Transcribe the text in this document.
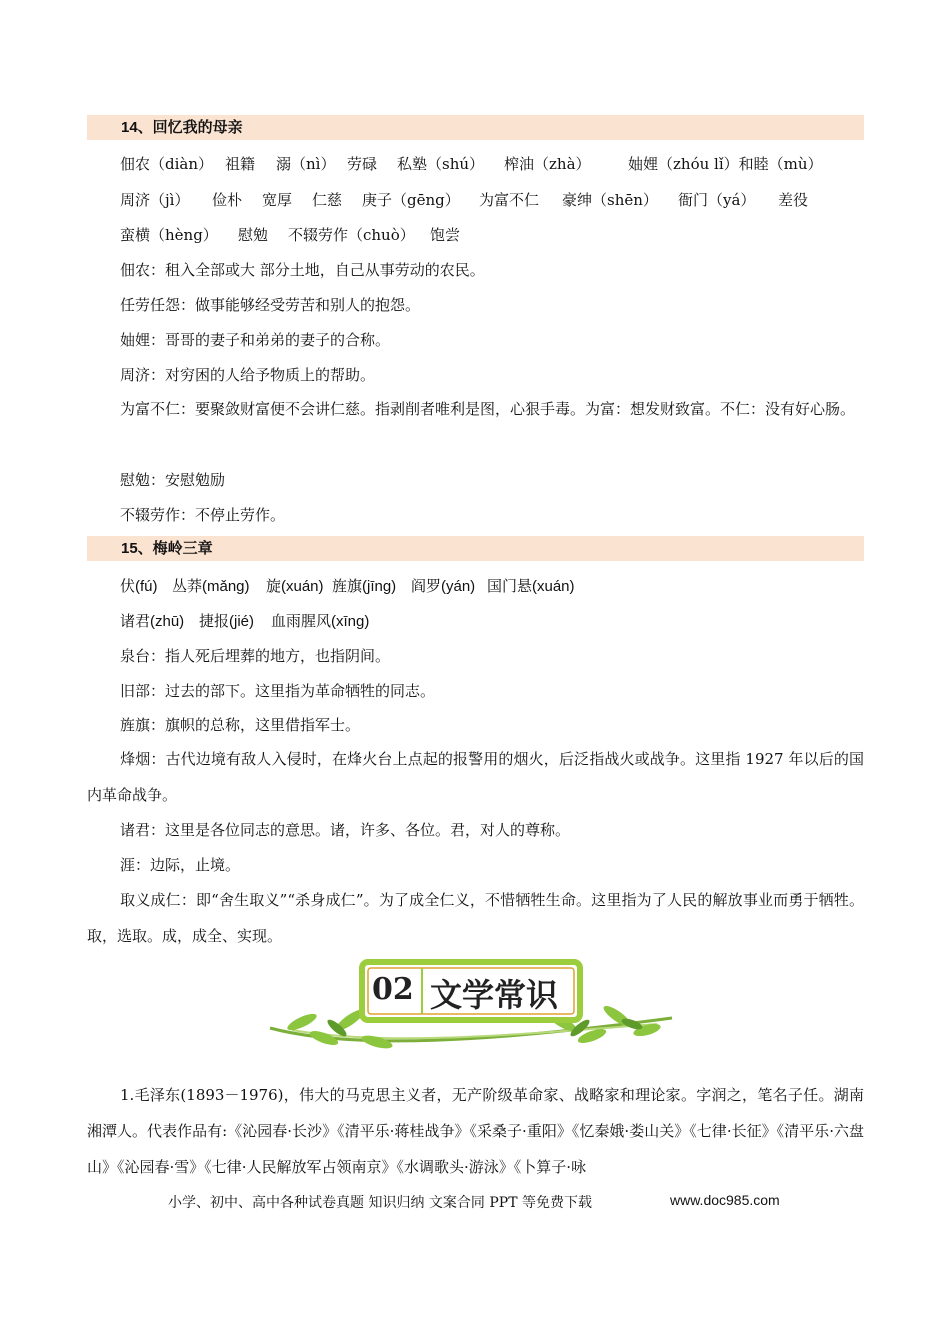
14、回忆我的母亲
佃农（diàn） 祖籍 溺（nì） 劳碌 私塾（shú） 榨油（zhà） 妯娌（zhóu lǐ）和睦（mù）
周济（jì） 俭朴 宽厚 仁慈 庚子（gēng） 为富不仁 豪绅（shēn） 衙门（yá） 差役
蛮横（hèng） 慰勉 不辍劳作（chuò） 饱尝
佃农：租入全部或大 部分土地，自己从事劳动的农民。
任劳任怨：做事能够经受劳苦和别人的抱怨。
妯娌：哥哥的妻子和弟弟的妻子的合称。
周济：对穷困的人给予物质上的帮助。
为富不仁：要聚敛财富便不会讲仁慈。指剥削者唯利是图，心狠手毒。为富：想发财致富。不仁：没有好心肠。
慰勉：安慰勉励
不辍劳作：不停止劳作。
15、梅岭三章
伏(fú) 丛莽(mǎng) 旋(xuán) 旌旗(jīng) 阎罗(yán) 国门悬(xuán)
诸君(zhū) 捷报(jié) 血雨腥风(xīng)
泉台：指人死后埋葬的地方，也指阴间。
旧部：过去的部下。这里指为革命牺牲的同志。
旌旗：旗帜的总称，这里借指军士。
烽烟：古代边境有敌人入侵时，在烽火台上点起的报警用的烟火，后泛指战火或战争。这里指 1927 年以后的国内革命战争。
诸君：这里是各位同志的意思。诸，许多、各位。君，对人的尊称。
涯：边际，止境。
取义成仁：即“舍生取义”“杀身成仁”。为了成全仁义，不惜牺牲生命。这里指为了人民的解放事业而勇于牺牲。取，选取。成，成全、实现。
02 文学常识
1.毛泽东(1893－1976)，伟大的马克思主义者，无产阶级革命家、战略家和理论家。字润之，笔名子任。湖南湘潭人。代表作品有:《沁园春·长沙》《清平乐·蒋桂战争》《采桑子·重阳》《忆秦娥·娄山关》《七律·长征》《清平乐·六盘山》《沁园春·雪》《七律·人民解放军占领南京》《水调歌头·游泳》《卜算子·咏
小学、初中、高中各种试卷真题 知识归纳 文案合同 PPT 等免费下载	www.doc985.com
